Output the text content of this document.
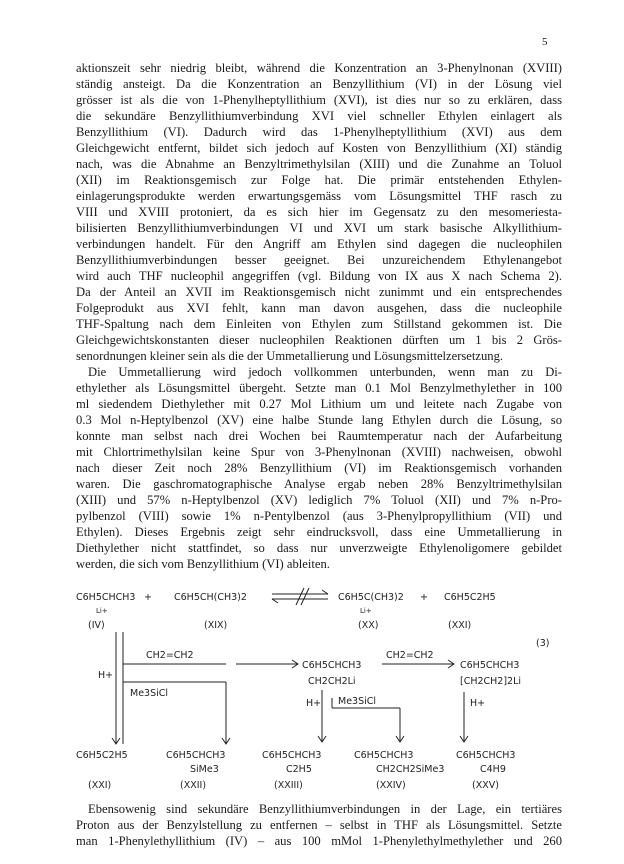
5
aktionszeit sehr niedrig bleibt, während die Konzentration an 3-Phenylnonan (XVIII)
ständig ansteigt. Da die Konzentration an Benzyllithium (VI) in der Lösung viel
grösser ist als die von 1-Phenylheptyllithium (XVI), ist dies nur so zu erklären, dass
die sekundäre Benzyllithiumverbindung XVI viel schneller Ethylen einlagert als
Benzyllithium (VI). Dadurch wird das 1-Phenylheptyllithium (XVI) aus dem
Gleichgewicht entfernt, bildet sich jedoch auf Kosten von Benzyllithium (XI) ständig
nach, was die Abnahme an Benzyltrimethylsilan (XIII) und die Zunahme an Toluol
(XII) im Reaktionsgemisch zur Folge hat. Die primär entstehenden Ethylen-
einlagerungsprodukte werden erwartungsgemäss vom Lösungsmittel THF rasch zu
VIII und XVIII protoniert, da es sich hier im Gegensatz zu den mesomeriesta-
bilisierten Benzyllithiumverbindungen VI und XVI um stark basische Alkyllithium-
verbindungen handelt. Für den Angriff am Ethylen sind dagegen die nucleophilen
Benzyllithiumverbindungen besser geeignet. Bei unzureichendem Ethylenangebot
wird auch THF nucleophil angegriffen (vgl. Bildung von IX aus X nach Schema 2).
Da der Anteil an XVII im Reaktionsgemisch nicht zunimmt und ein entsprechendes
Folgeprodukt aus XVI fehlt, kann man davon ausgehen, dass die nucleophile
THF-Spaltung nach dem Einleiten von Ethylen zum Stillstand gekommen ist. Die
Gleichgewichtskonstanten dieser nucleophilen Reaktionen dürften um 1 bis 2 Grös-
senordnungen kleiner sein als die der Ummetallierung und Lösungsmittelzersetzung.
Die Ummetallierung wird jedoch vollkommen unterbunden, wenn man zu Di-
ethylether als Lösungsmittel übergeht. Setzte man 0.1 Mol Benzylmethylether in 100
ml siedendem Diethylether mit 0.27 Mol Lithium um und leitete nach Zugabe von
0.3 Mol n-Heptylbenzol (XV) eine halbe Stunde lang Ethylen durch die Lösung, so
konnte man selbst nach drei Wochen bei Raumtemperatur nach der Aufarbeitung
mit Chlortrimethylsilan keine Spur von 3-Phenylnonan (XVIII) nachweisen, obwohl
nach dieser Zeit noch 28% Benzyllithium (VI) im Reaktionsgemisch vorhanden
waren. Die gaschromatographische Analyse ergab neben 28% Benzyltrimethylsilan
(XIII) und 57% n-Heptylbenzol (XV) lediglich 7% Toluol (XII) und 7% n-Pro-
pylbenzol (VIII) sowie 1% n-Pentylbenzol (aus 3-Phenylpropyllithium (VII) und
Ethylen). Dieses Ergebnis zeigt sehr eindrucksvoll, dass eine Ummetallierung in
Diethylether nicht stattfindet, so dass nur unverzweigte Ethylenoligomere gebildet
werden, die sich vom Benzyllithium (VI) ableiten.
C6H5CHCH3
Li+
+ C6H5CH(CH3)2	C6H5C(CH3)2
Li+
+ C6H5C2H5
(IV)	(XIX)	(XX)	(XXI)
(3)
H+
CH2=CH2
Me3SiCl
C6H5CHCH3
CH2CH2Li
CH2=CH2
C6H5CHCH3
[CH2CH2]2Li
H+ Me3SiCl	H+
C6H5C2H5	C6H5CHCH3
SiMe3
C6H5CHCH3
C2H5
C6H5CHCH3
CH2CH2SiMe3
C6H5CHCH3
C4H9
(XXI)	(XXII)	(XXIII)	(XXIV)	(XXV)
Ebensowenig sind sekundäre Benzyllithiumverbindungen in der Lage, ein tertiäres
Proton aus der Benzylstellung zu entfernen – selbst in THF als Lösungsmittel. Setzte
man 1-Phenylethyllithium (IV) – aus 100 mMol 1-Phenylethylmethylether und 260
